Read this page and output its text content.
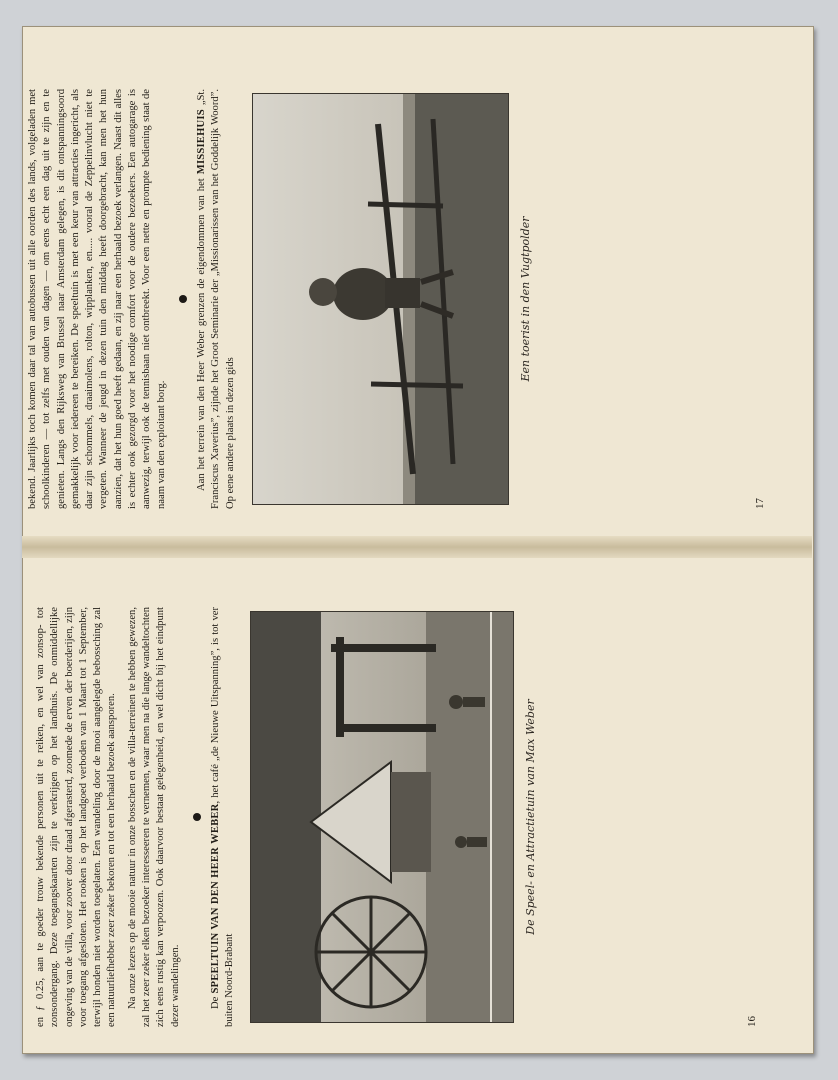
bekend. Jaarlijks toch komen daar tal van autobussen uit alle oorden des lands, volgeladen met schoolkinderen — tot zelfs met ouden van dagen — om eens echt een dag uit te zijn en te genieten. Langs den Rijksweg van Brussel naar Amsterdam gelegen, is dit ontspanningsoord gemakkelijk voor iedereen te bereiken. De speeltuin is met een keur van attracties ingericht, als daar zijn schommels, draaimolens, rolton, wipplanken, en..... vooral de Zeppelinvlucht niet te vergeten. Wanneer de jeugd in dezen tuin den middag heeft doorgebracht, kan men het hun aanzien, dat het hun goed heeft gedaan, en zij naar een herhaald bezoek verlangen. Naast dit alles is echter ook gezorgd voor het noodige comfort voor de oudere bezoekers. Een autogarage is aanwezig, terwijl ook de tennisbaan niet ontbreekt. Voor een nette en prompte bediening staat de naam van den exploitant borg.	Aan het terrein van den Heer Weber grenzen de eigendommen van het MISSIEHUIS „St. Franciscus Xaverius”, zijnde het Groot Seminarie der „Missionarissen van het Goddelijk Woord”. Op eene andere plaats in dezen gids

Een toerist in den Vugtpolder
17

en ƒ 0.25, aan te goeder trouw bekende personen uit te reiken, en wel van zonsop- tot zonsondergang. Deze toegangskaarten zijn te verkrijgen op het landhuis. De onmiddellijke ongeving van de villa, voor zoover door draad afgerasterd, zoomede de erven der boerderijen, zijn voor toegang afgesloten. Het rooken is op het landgoed verboden van 1 Maart tot 1 September, terwijl honden niet worden toegelaten. Een wandeling door de mooi aangelegde bebossching zal een natuurliefhebber zeer zeker bekoren en tot een herhaald bezoek aansporen. Na onze lezers op de mooie natuur in onze bosschen en de villa-terreinen te hebben gewezen, zal het zeer zeker elken bezoeker interesseeren te vernemen, waar men na die lange wandeltochten zich eens rustig kan verpoozen. Ook daarvoor bestaat gelegenheid, en wel dicht bij het eindpunt dezer wandelingen.	De SPEELTUIN VAN DEN HEER WEBER, het café „de Nieuwe Uitspanning”, is tot ver buiten Noord-Brabant

De Speel- en Attractietuin van Max Weber
16
